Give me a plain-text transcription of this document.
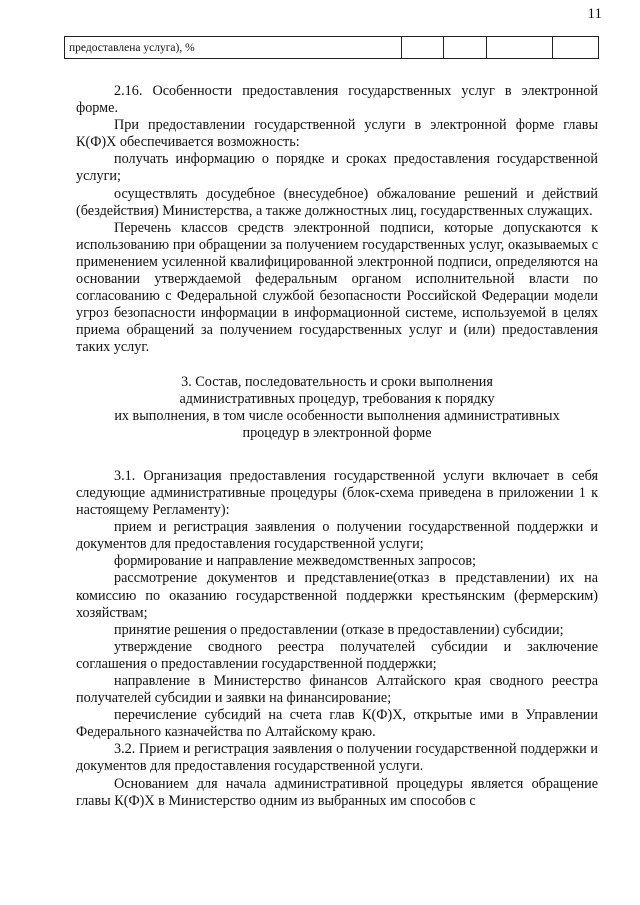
11
предоставлена услуга), %				

2.16. Особенности предоставления государственных услуг в электронной форме.

При предоставлении государственной услуги в электронной форме главы К(Ф)Х обеспечивается возможность:

получать информацию о порядке и сроках предоставления государственной услуги;

осуществлять досудебное (внесудебное) обжалование решений и действий (бездействия) Министерства, а также должностных лиц, государственных служащих.

Перечень классов средств электронной подписи, которые допускаются к использованию при обращении за получением государственных услуг, оказываемых с применением усиленной квалифицированной электронной подписи, определяются на основании утверждаемой федеральным органом исполнительной власти по согласованию с Федеральной службой безопасности Российской Федерации модели угроз безопасности информации в информационной системе, используемой в целях приема обращений за получением государственных услуг и (или) предоставления таких услуг.

3. Состав, последовательность и сроки выполнения
административных процедур, требования к порядку
их выполнения, в том числе особенности выполнения административных
процедур в электронной форме

3.1. Организация предоставления государственной услуги включает в себя следующие административные процедуры (блок-схема приведена в приложении 1 к настоящему Регламенту):

прием и регистрация заявления о получении государственной поддержки и документов для предоставления государственной услуги;

формирование и направление межведомственных запросов;

рассмотрение документов и представление(отказ в представлении) их на комиссию по оказанию государственной поддержки крестьянским (фермерским) хозяйствам;

принятие решения о предоставлении (отказе в предоставлении) субсидии;

утверждение сводного реестра получателей субсидии и заключение соглашения о предоставлении государственной поддержки;

направление в Министерство финансов Алтайского края сводного реестра получателей субсидии и заявки на финансирование;

перечисление субсидий на счета глав К(Ф)Х, открытые ими в Управлении Федерального казначейства по Алтайскому краю.

3.2. Прием и регистрация заявления о получении государственной поддержки и документов для предоставления государственной услуги.

Основанием для начала административной процедуры является обращение главы К(Ф)Х в Министерство одним из выбранных им способов с
